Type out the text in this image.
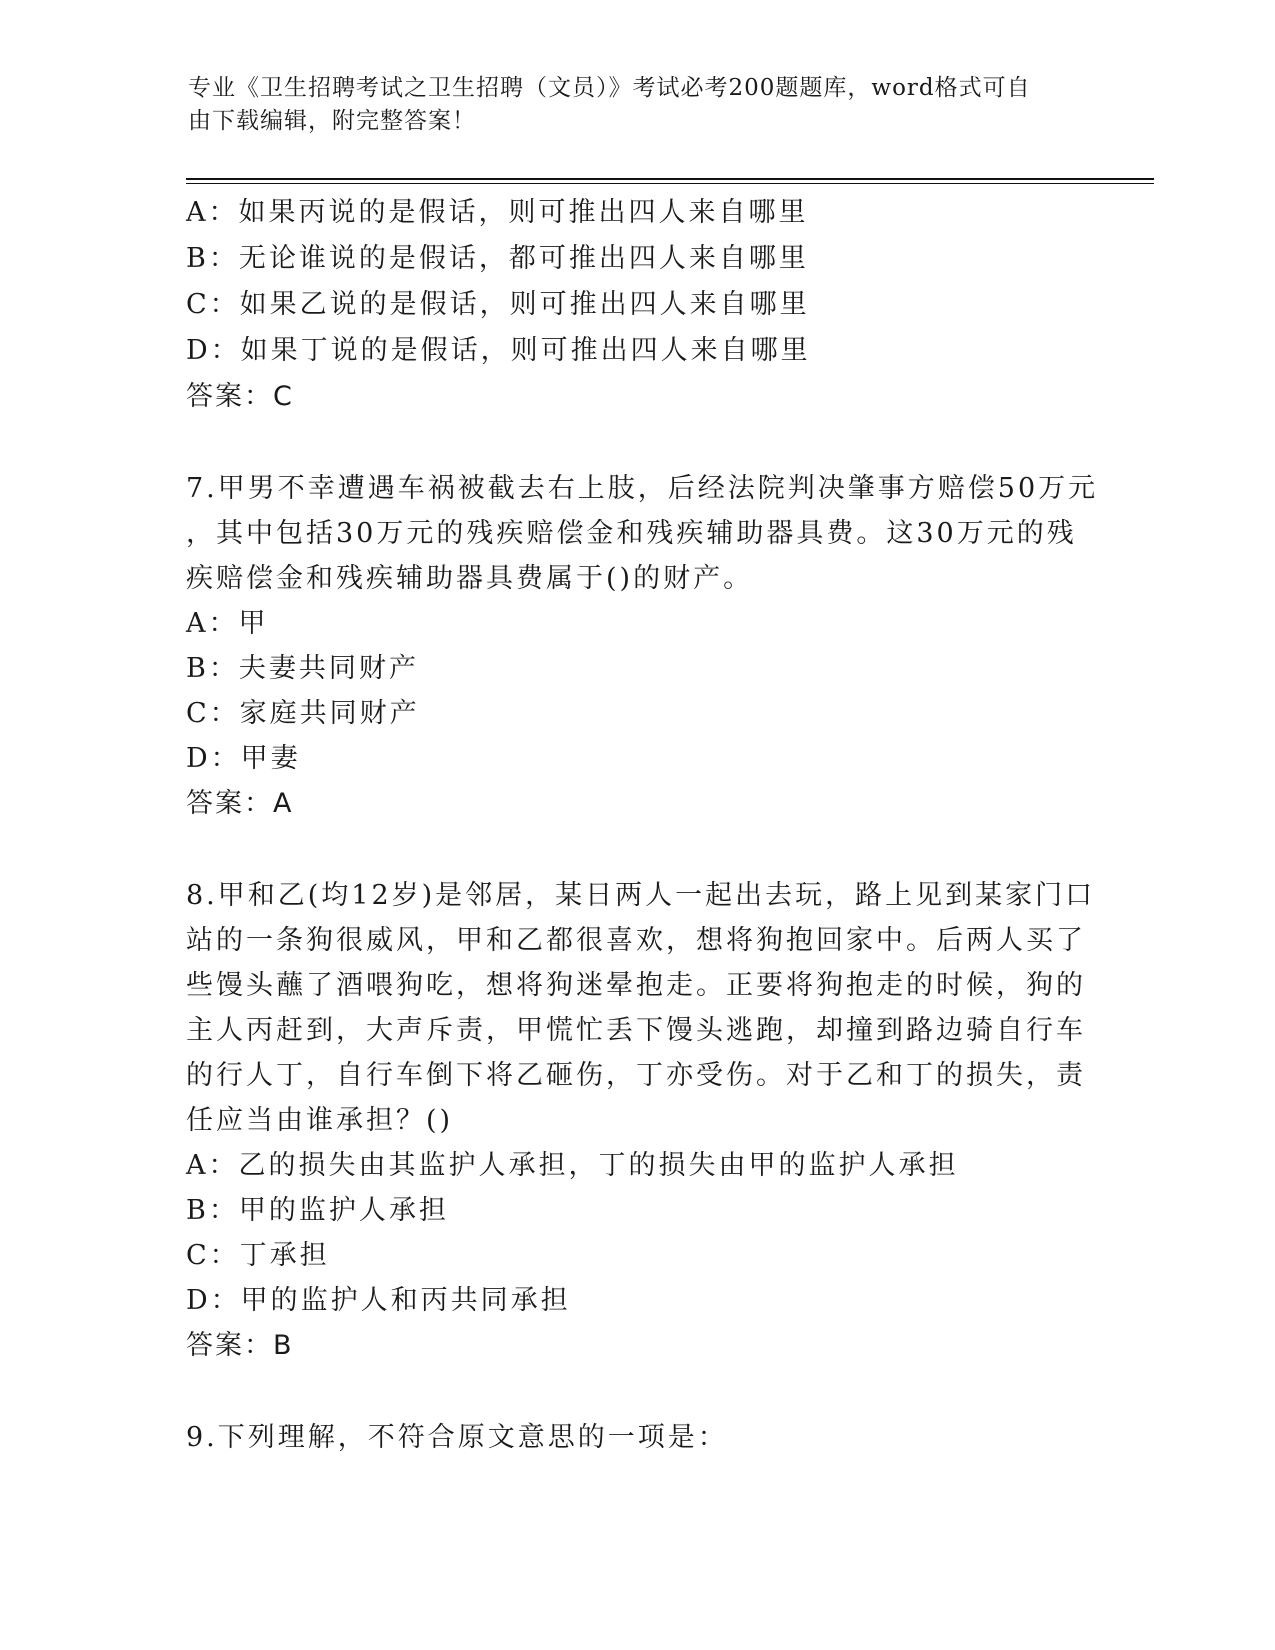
专业《卫生招聘考试之卫生招聘（文员）》考试必考200题题库，word格式可自
由下载编辑，附完整答案！
A：如果丙说的是假话，则可推出四人来自哪里
B：无论谁说的是假话，都可推出四人来自哪里
C：如果乙说的是假话，则可推出四人来自哪里
D：如果丁说的是假话，则可推出四人来自哪里
答案：C
7.甲男不幸遭遇车祸被截去右上肢，后经法院判决肇事方赔偿50万元
，其中包括30万元的残疾赔偿金和残疾辅助器具费。这30万元的残
疾赔偿金和残疾辅助器具费属于()的财产。
A：甲
B：夫妻共同财产
C：家庭共同财产
D：甲妻
答案：A
8.甲和乙(均12岁)是邻居，某日两人一起出去玩，路上见到某家门口
站的一条狗很威风，甲和乙都很喜欢，想将狗抱回家中。后两人买了
些馒头蘸了酒喂狗吃，想将狗迷晕抱走。正要将狗抱走的时候，狗的
主人丙赶到，大声斥责，甲慌忙丢下馒头逃跑，却撞到路边骑自行车
的行人丁，自行车倒下将乙砸伤，丁亦受伤。对于乙和丁的损失，责
任应当由谁承担？()
A：乙的损失由其监护人承担，丁的损失由甲的监护人承担
B：甲的监护人承担
C：丁承担
D：甲的监护人和丙共同承担
答案：B
9.下列理解，不符合原文意思的一项是：
